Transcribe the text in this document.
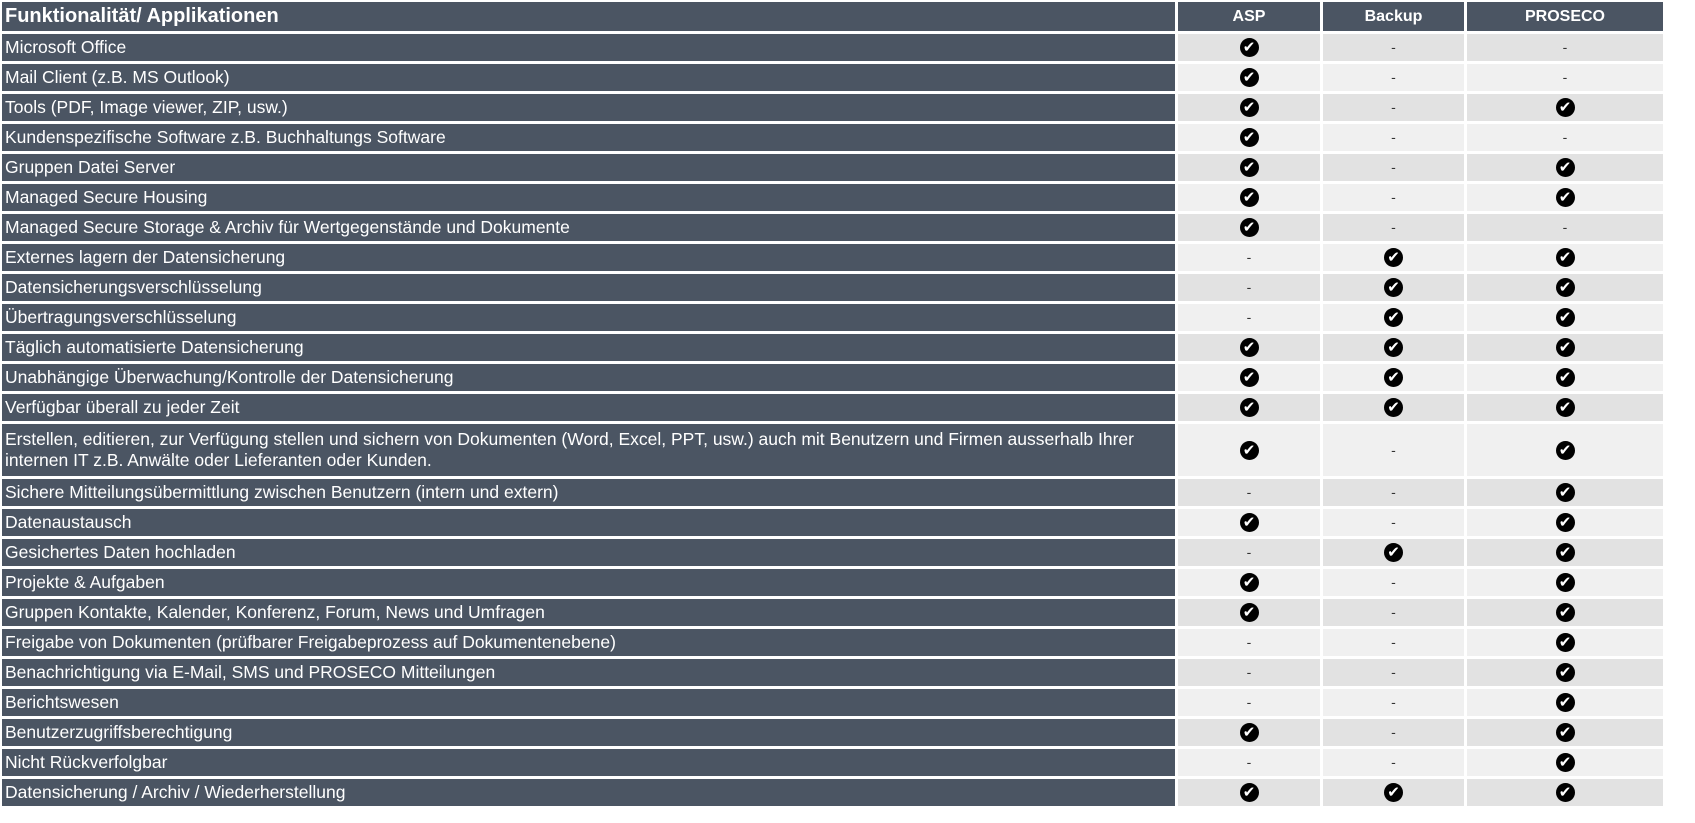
Funktionalität/ Applikationen	ASP	Backup	PROSECO
Microsoft Office	✔	-	-
Mail Client (z.B. MS Outlook)	✔	-	-
Tools (PDF, Image viewer, ZIP, usw.)	✔	-	✔
Kundenspezifische Software z.B. Buchhaltungs Software	✔	-	-
Gruppen Datei Server	✔	-	✔
Managed Secure Housing	✔	-	✔
Managed Secure Storage & Archiv für Wertgegenstände und Dokumente	✔	-	-
Externes lagern der Datensicherung	-	✔	✔
Datensicherungsverschlüsselung	-	✔	✔
Übertragungsverschlüsselung	-	✔	✔
Täglich automatisierte Datensicherung	✔	✔	✔
Unabhängige Überwachung/Kontrolle der Datensicherung	✔	✔	✔
Verfügbar überall zu jeder Zeit	✔	✔	✔
Erstellen, editieren, zur Verfügung stellen und sichern von Dokumenten (Word, Excel, PPT, usw.) auch mit Benutzern und Firmen ausserhalb Ihrer internen IT z.B. Anwälte oder Lieferanten oder Kunden.	✔	-	✔
Sichere Mitteilungsübermittlung zwischen Benutzern (intern und extern)	-	-	✔
Datenaustausch	✔	-	✔
Gesichertes Daten hochladen	-	✔	✔
Projekte & Aufgaben	✔	-	✔
Gruppen Kontakte, Kalender, Konferenz, Forum, News und Umfragen	✔	-	✔
Freigabe von Dokumenten (prüfbarer Freigabeprozess auf Dokumentenebene)	-	-	✔
Benachrichtigung via E-Mail, SMS und PROSECO Mitteilungen	-	-	✔
Berichtswesen	-	-	✔
Benutzerzugriffsberechtigung	✔	-	✔
Nicht Rückverfolgbar	-	-	✔
Datensicherung / Archiv / Wiederherstellung	✔	✔	✔
